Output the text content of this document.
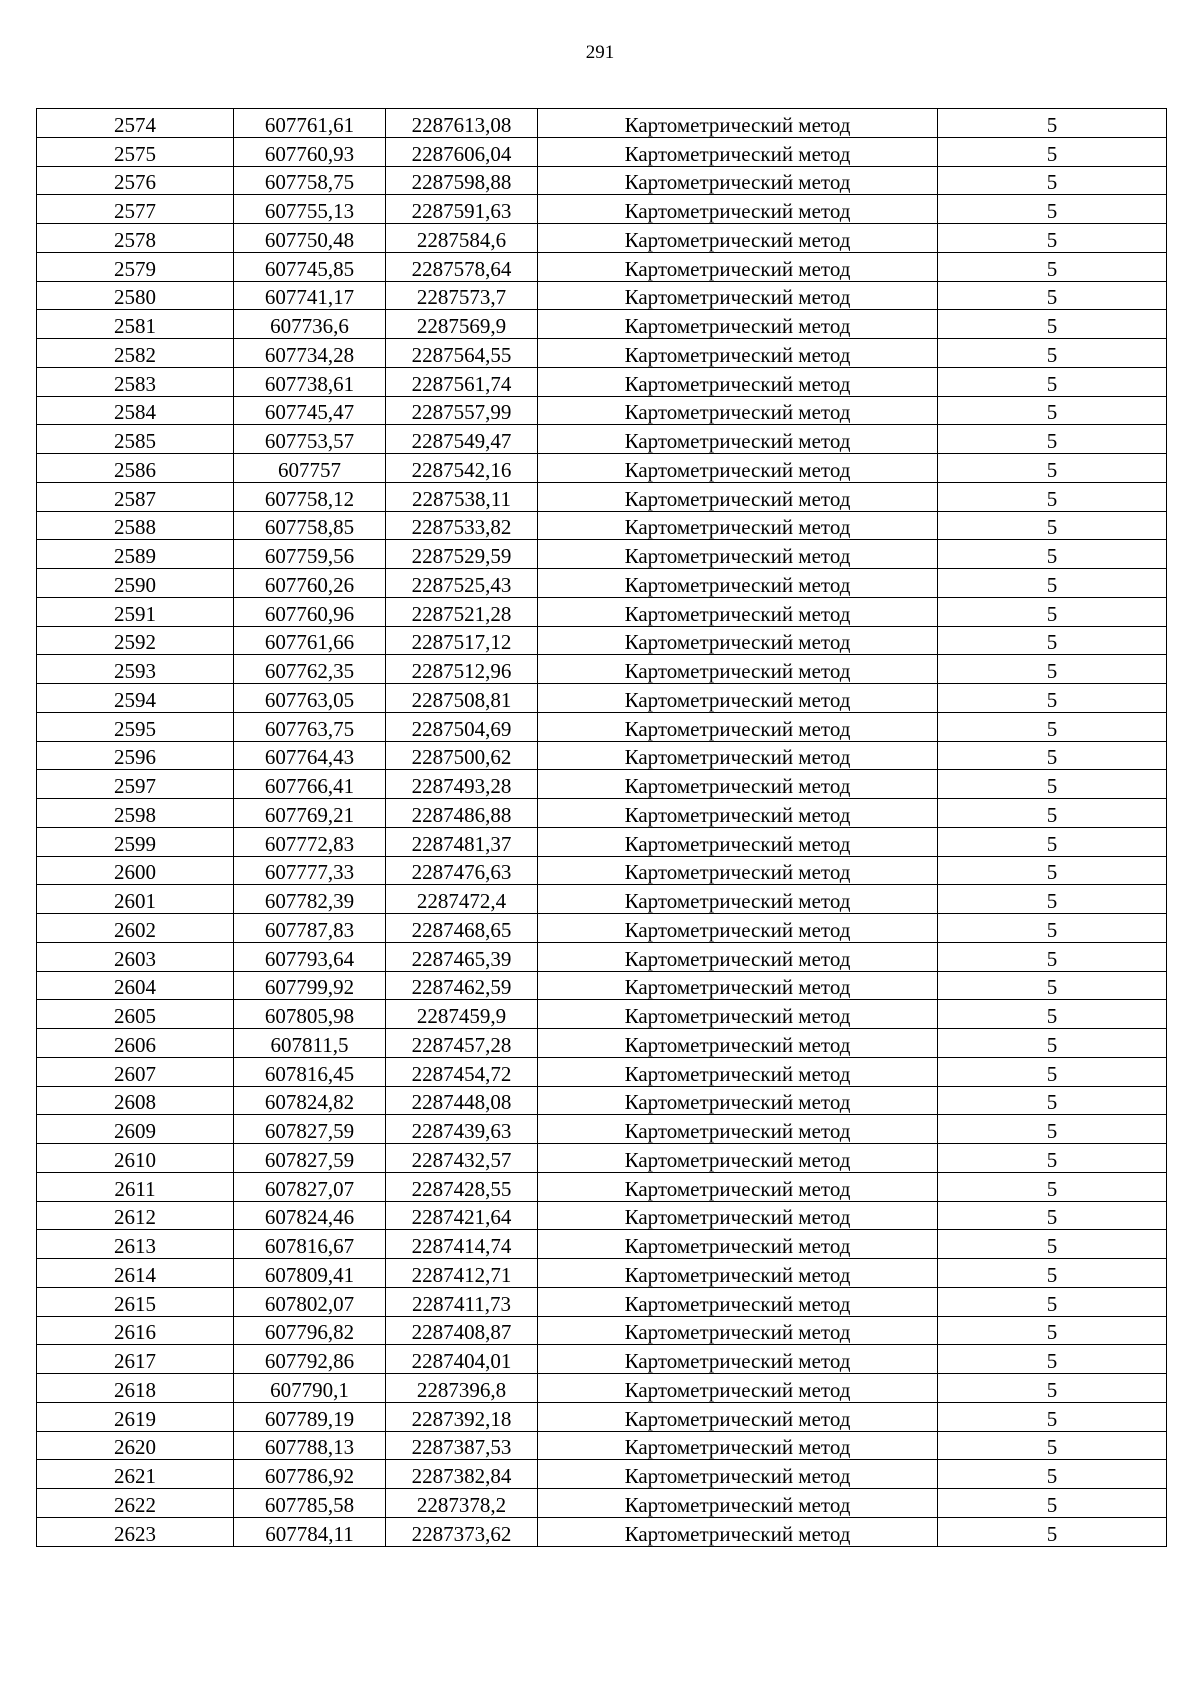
291
2574	607761,61	2287613,08	Картометрический метод	5
2575	607760,93	2287606,04	Картометрический метод	5
2576	607758,75	2287598,88	Картометрический метод	5
2577	607755,13	2287591,63	Картометрический метод	5
2578	607750,48	2287584,6	Картометрический метод	5
2579	607745,85	2287578,64	Картометрический метод	5
2580	607741,17	2287573,7	Картометрический метод	5
2581	607736,6	2287569,9	Картометрический метод	5
2582	607734,28	2287564,55	Картометрический метод	5
2583	607738,61	2287561,74	Картометрический метод	5
2584	607745,47	2287557,99	Картометрический метод	5
2585	607753,57	2287549,47	Картометрический метод	5
2586	607757	2287542,16	Картометрический метод	5
2587	607758,12	2287538,11	Картометрический метод	5
2588	607758,85	2287533,82	Картометрический метод	5
2589	607759,56	2287529,59	Картометрический метод	5
2590	607760,26	2287525,43	Картометрический метод	5
2591	607760,96	2287521,28	Картометрический метод	5
2592	607761,66	2287517,12	Картометрический метод	5
2593	607762,35	2287512,96	Картометрический метод	5
2594	607763,05	2287508,81	Картометрический метод	5
2595	607763,75	2287504,69	Картометрический метод	5
2596	607764,43	2287500,62	Картометрический метод	5
2597	607766,41	2287493,28	Картометрический метод	5
2598	607769,21	2287486,88	Картометрический метод	5
2599	607772,83	2287481,37	Картометрический метод	5
2600	607777,33	2287476,63	Картометрический метод	5
2601	607782,39	2287472,4	Картометрический метод	5
2602	607787,83	2287468,65	Картометрический метод	5
2603	607793,64	2287465,39	Картометрический метод	5
2604	607799,92	2287462,59	Картометрический метод	5
2605	607805,98	2287459,9	Картометрический метод	5
2606	607811,5	2287457,28	Картометрический метод	5
2607	607816,45	2287454,72	Картометрический метод	5
2608	607824,82	2287448,08	Картометрический метод	5
2609	607827,59	2287439,63	Картометрический метод	5
2610	607827,59	2287432,57	Картометрический метод	5
2611	607827,07	2287428,55	Картометрический метод	5
2612	607824,46	2287421,64	Картометрический метод	5
2613	607816,67	2287414,74	Картометрический метод	5
2614	607809,41	2287412,71	Картометрический метод	5
2615	607802,07	2287411,73	Картометрический метод	5
2616	607796,82	2287408,87	Картометрический метод	5
2617	607792,86	2287404,01	Картометрический метод	5
2618	607790,1	2287396,8	Картометрический метод	5
2619	607789,19	2287392,18	Картометрический метод	5
2620	607788,13	2287387,53	Картометрический метод	5
2621	607786,92	2287382,84	Картометрический метод	5
2622	607785,58	2287378,2	Картометрический метод	5
2623	607784,11	2287373,62	Картометрический метод	5
